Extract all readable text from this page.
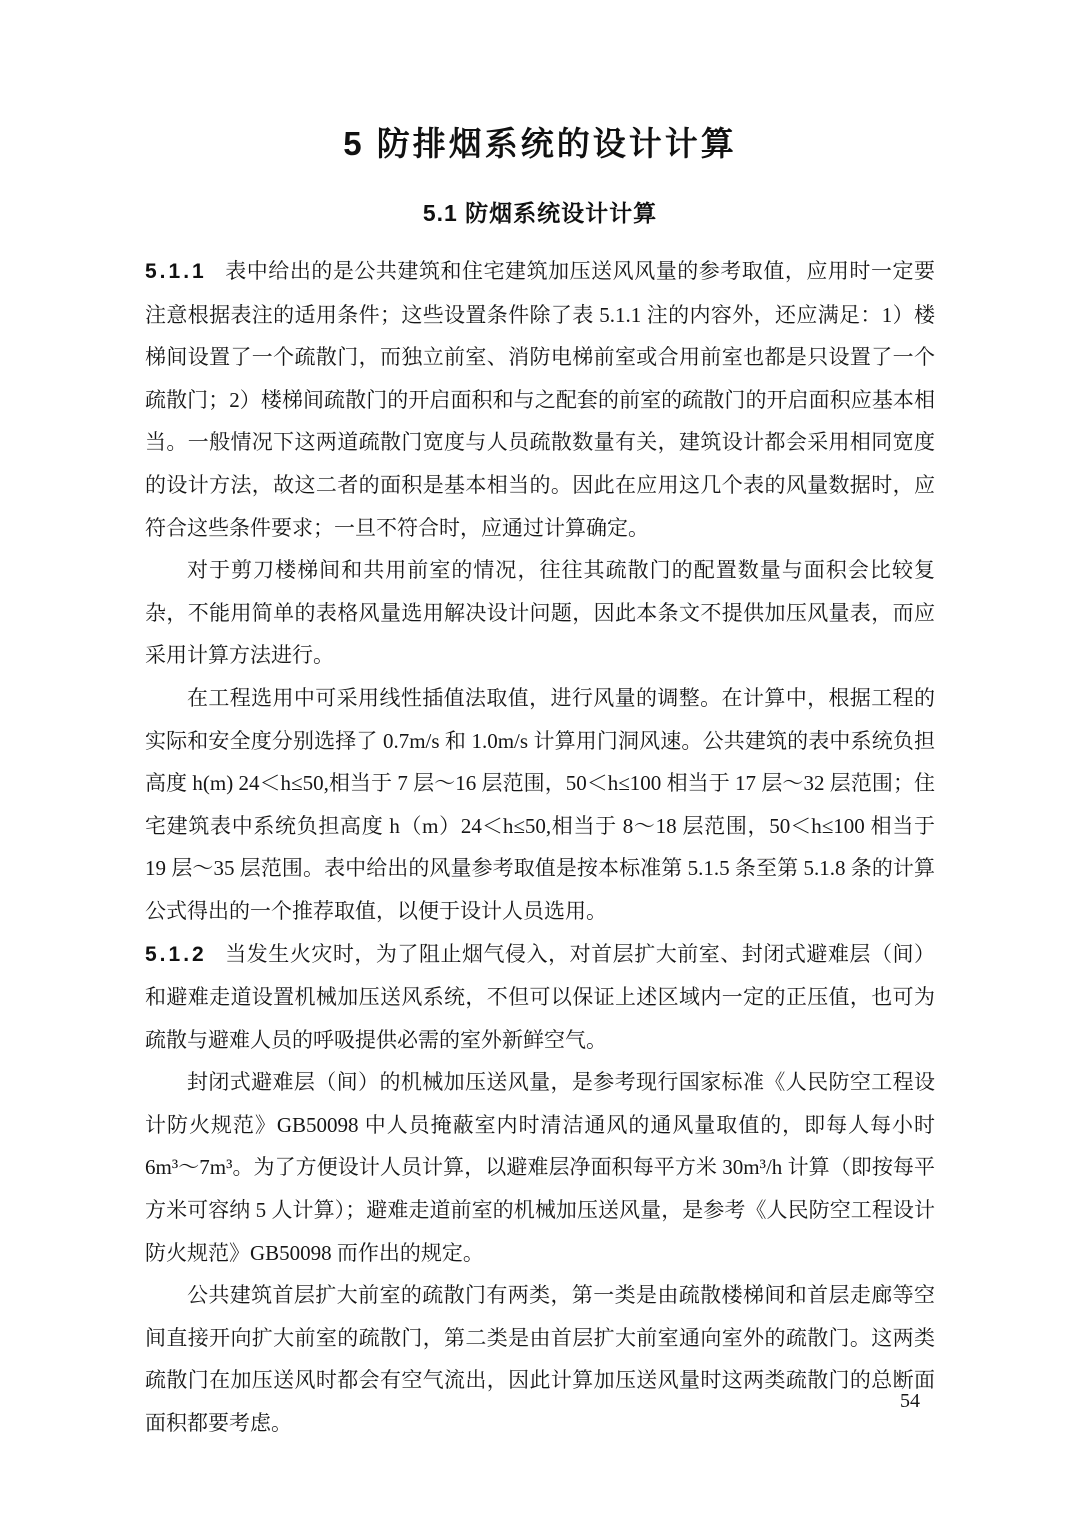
5 防排烟系统的设计计算
5.1 防烟系统设计计算

5.1.1 表中给出的是公共建筑和住宅建筑加压送风风量的参考取值，应用时一定要注意根据表注的适用条件；这些设置条件除了表 5.1.1 注的内容外，还应满足：1）楼梯间设置了一个疏散门，而独立前室、消防电梯前室或合用前室也都是只设置了一个疏散门；2）楼梯间疏散门的开启面积和与之配套的前室的疏散门的开启面积应基本相当。一般情况下这两道疏散门宽度与人员疏散数量有关，建筑设计都会采用相同宽度的设计方法，故这二者的面积是基本相当的。因此在应用这几个表的风量数据时，应符合这些条件要求；一旦不符合时，应通过计算确定。

对于剪刀楼梯间和共用前室的情况，往往其疏散门的配置数量与面积会比较复杂，不能用简单的表格风量选用解决设计问题，因此本条文不提供加压风量表，而应采用计算方法进行。

在工程选用中可采用线性插值法取值，进行风量的调整。在计算中，根据工程的实际和安全度分别选择了 0.7m/s 和 1.0m/s 计算用门洞风速。公共建筑的表中系统负担高度 h(m) 24＜h≤50,相当于 7 层～16 层范围，50＜h≤100 相当于 17 层～32 层范围；住宅建筑表中系统负担高度 h（m）24＜h≤50,相当于 8～18 层范围，50＜h≤100 相当于 19 层～35 层范围。表中给出的风量参考取值是按本标准第 5.1.5 条至第 5.1.8 条的计算公式得出的一个推荐取值，以便于设计人员选用。

5.1.2 当发生火灾时，为了阻止烟气侵入，对首层扩大前室、封闭式避难层（间）和避难走道设置机械加压送风系统，不但可以保证上述区域内一定的正压值，也可为疏散与避难人员的呼吸提供必需的室外新鲜空气。

封闭式避难层（间）的机械加压送风量，是参考现行国家标准《人民防空工程设计防火规范》GB50098 中人员掩蔽室内时清洁通风的通风量取值的，即每人每小时 6m³～7m³。为了方便设计人员计算，以避难层净面积每平方米 30m³/h 计算（即按每平方米可容纳 5 人计算）；避难走道前室的机械加压送风量，是参考《人民防空工程设计防火规范》GB50098 而作出的规定。

公共建筑首层扩大前室的疏散门有两类，第一类是由疏散楼梯间和首层走廊等空间直接开向扩大前室的疏散门，第二类是由首层扩大前室通向室外的疏散门。这两类疏散门在加压送风时都会有空气流出，因此计算加压送风量时这两类疏散门的总断面面积都要考虑。

54
